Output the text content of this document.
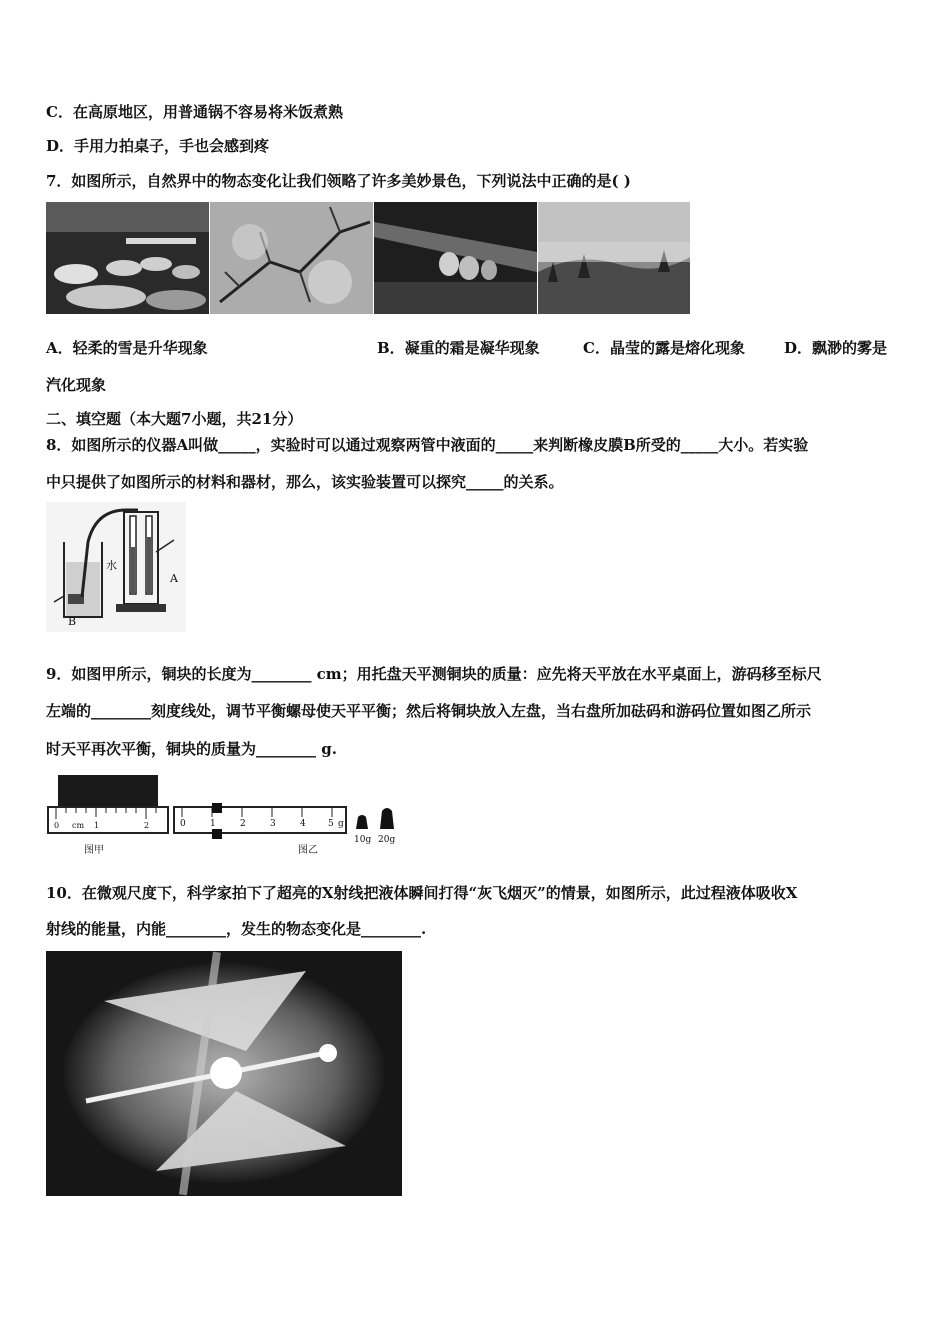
C．在高原地区，用普通锅不容易将米饭煮熟
D．手用力拍桌子，手也会感到疼
7．如图所示，自然界中的物态变化让我们领略了许多美妙景色，下列说法中正确的是( )
A．轻柔的雪是升华现象	B．凝重的霜是凝华现象	C．晶莹的露是熔化现象	D．飘渺的雾是
汽化现象
二、填空题（本大题7小题，共21分）
8．如图所示的仪器A叫做_____，实验时可以通过观察两管中液面的_____来判断橡皮膜B所受的_____大小。若实验
中只提供了如图所示的材料和器材，那么，该实验装置可以探究_____的关系。
水
A
B
9．如图甲所示，铜块的长度为________ cm；用托盘天平测铜块的质量：应先将天平放在水平桌面上，游码移至标尺
左端的________刻度线处，调节平衡螺母使天平平衡；然后将铜块放入左盘，当右盘所加砝码和游码位置如图乙所示
时天平再次平衡，铜块的质量为________ g.
0 cm 1	2	0	1	2	3	4 5 g
10g 20g
图甲	图乙
10．在微观尺度下，科学家拍下了超亮的X射线把液体瞬间打得“灰飞烟灭”的情景，如图所示，此过程液体吸收X
射线的能量，内能________，发生的物态变化是________.
